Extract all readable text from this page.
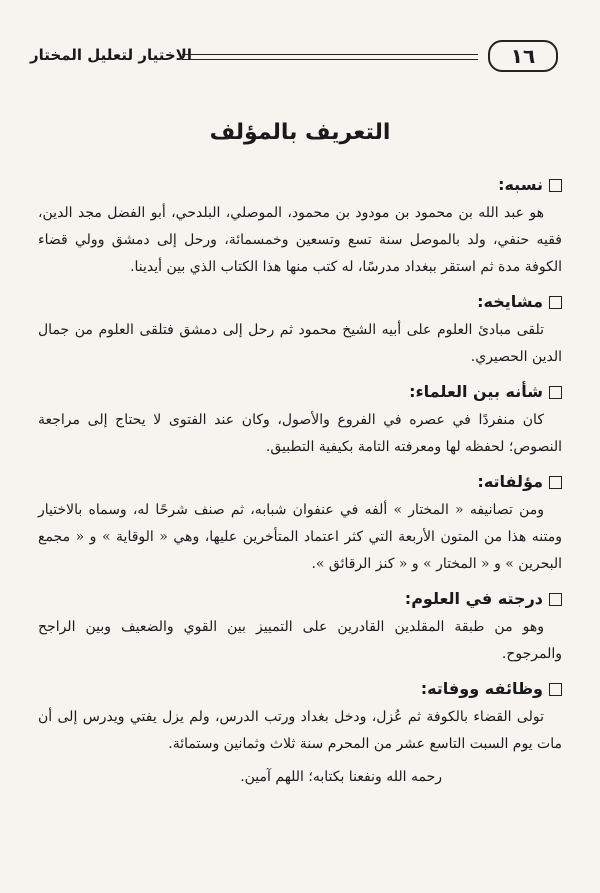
الاختيار لتعليل المختار	١٦
التعريف بالمؤلف
نسبه:

هو عبد الله بن محمود بن مودود بن محمود، الموصلي، البلدحي، أبو الفضل مجد الدين، فقيه حنفي، ولد بالموصل سنة تسع وتسعين وخمسمائة، ورحل إلى دمشق وولي قضاء الكوفة مدة ثم استقر ببغداد مدرسًا، له كتب منها هذا الكتاب الذي بين أيدينا.

مشايخه:

تلقى مبادئ العلوم على أبيه الشيخ محمود ثم رحل إلى دمشق فتلقى العلوم من جمال الدين الحصيري.

شأنه بين العلماء:

كان منفردًا في عصره في الفروع والأصول، وكان عند الفتوى لا يحتاج إلى مراجعة النصوص؛ لحفظه لها ومعرفته التامة بكيفية التطبيق.

مؤلفاته:

ومن تصانيفه « المختار » ألفه في عنفوان شبابه، ثم صنف شرحًا له، وسماه بالاختيار ومتنه هذا من المتون الأربعة التي كثر اعتماد المتأخرين عليها، وهي « الوقاية » و « مجمع البحرين » و « المختار » و « كنز الرقائق ».

درجته في العلوم:

وهو من طبقة المقلدين القادرين على التمييز بين القوي والضعيف وبين الراجح والمرجوح.

وظائفه ووفاته:

تولى القضاء بالكوفة ثم عُزل، ودخل بغداد ورتب الدرس، ولم يزل يفتي ويدرس إلى أن مات يوم السبت التاسع عشر من المحرم سنة ثلاث وثمانين وستمائة.

رحمه الله ونفعنا بكتابه؛ اللهم آمين.
